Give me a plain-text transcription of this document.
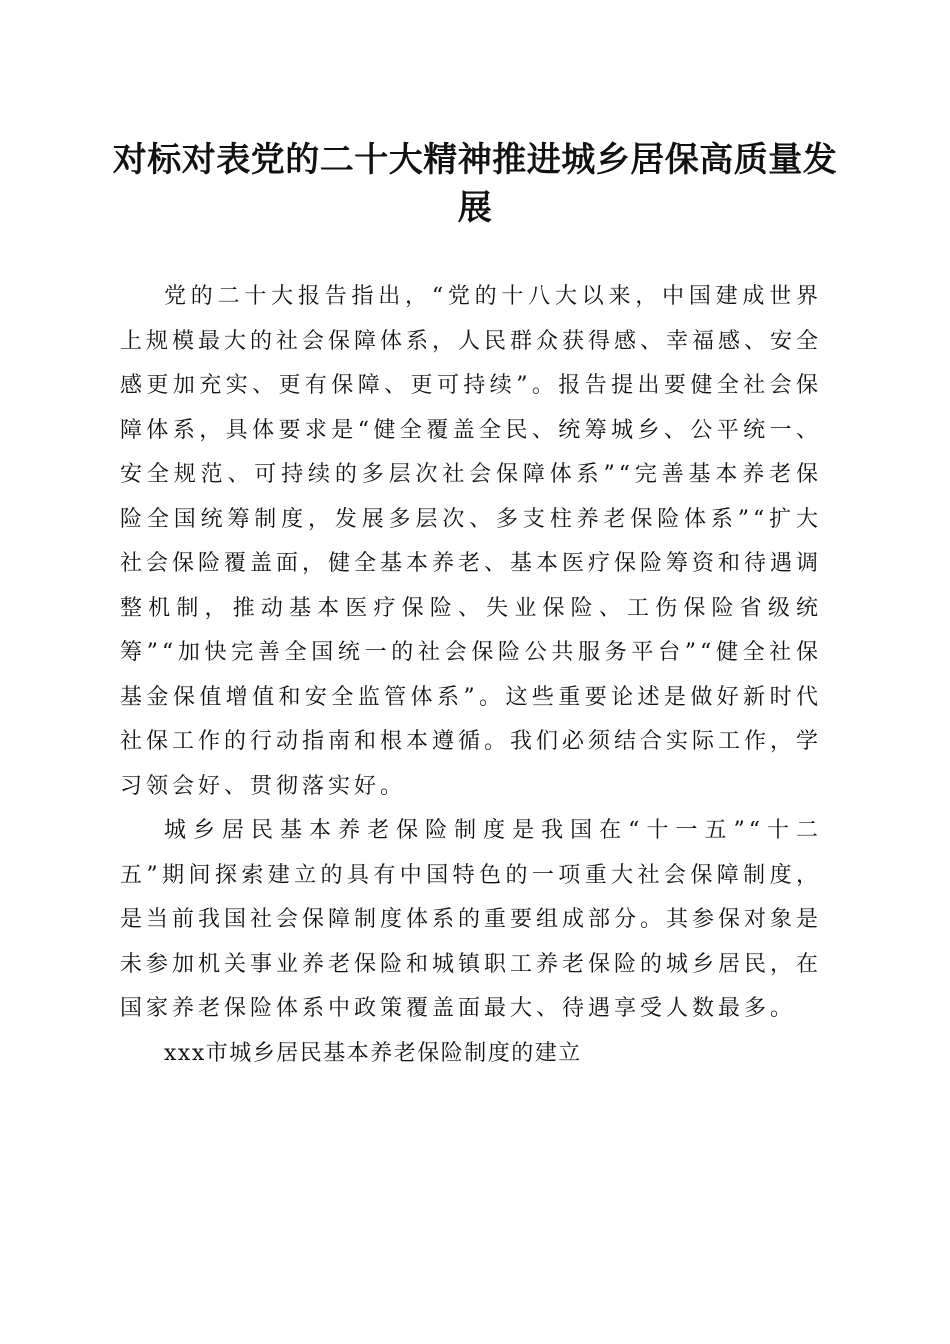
对标对表党的二十大精神推进城乡居保高质量发展

党的二十大报告指出，“党的十八大以来，中国建成世界上规模最大的社会保障体系，人民群众获得感、幸福感、安全感更加充实、更有保障、更可持续”。报告提出要健全社会保障体系，具体要求是“健全覆盖全民、统筹城乡、公平统一、安全规范、可持续的多层次社会保障体系”“完善基本养老保险全国统筹制度，发展多层次、多支柱养老保险体系”“扩大社会保险覆盖面，健全基本养老、基本医疗保险筹资和待遇调整机制，推动基本医疗保险、失业保险、工伤保险省级统筹”“加快完善全国统一的社会保险公共服务平台”“健全社保基金保值增值和安全监管体系”。这些重要论述是做好新时代社保工作的行动指南和根本遵循。我们必须结合实际工作，学习领会好、贯彻落实好。

城乡居民基本养老保险制度是我国在“十一五”“十二五”期间探索建立的具有中国特色的一项重大社会保障制度，是当前我国社会保障制度体系的重要组成部分。其参保对象是未参加机关事业养老保险和城镇职工养老保险的城乡居民，在国家养老保险体系中政策覆盖面最大、待遇享受人数最多。

xxx市城乡居民基本养老保险制度的建立
